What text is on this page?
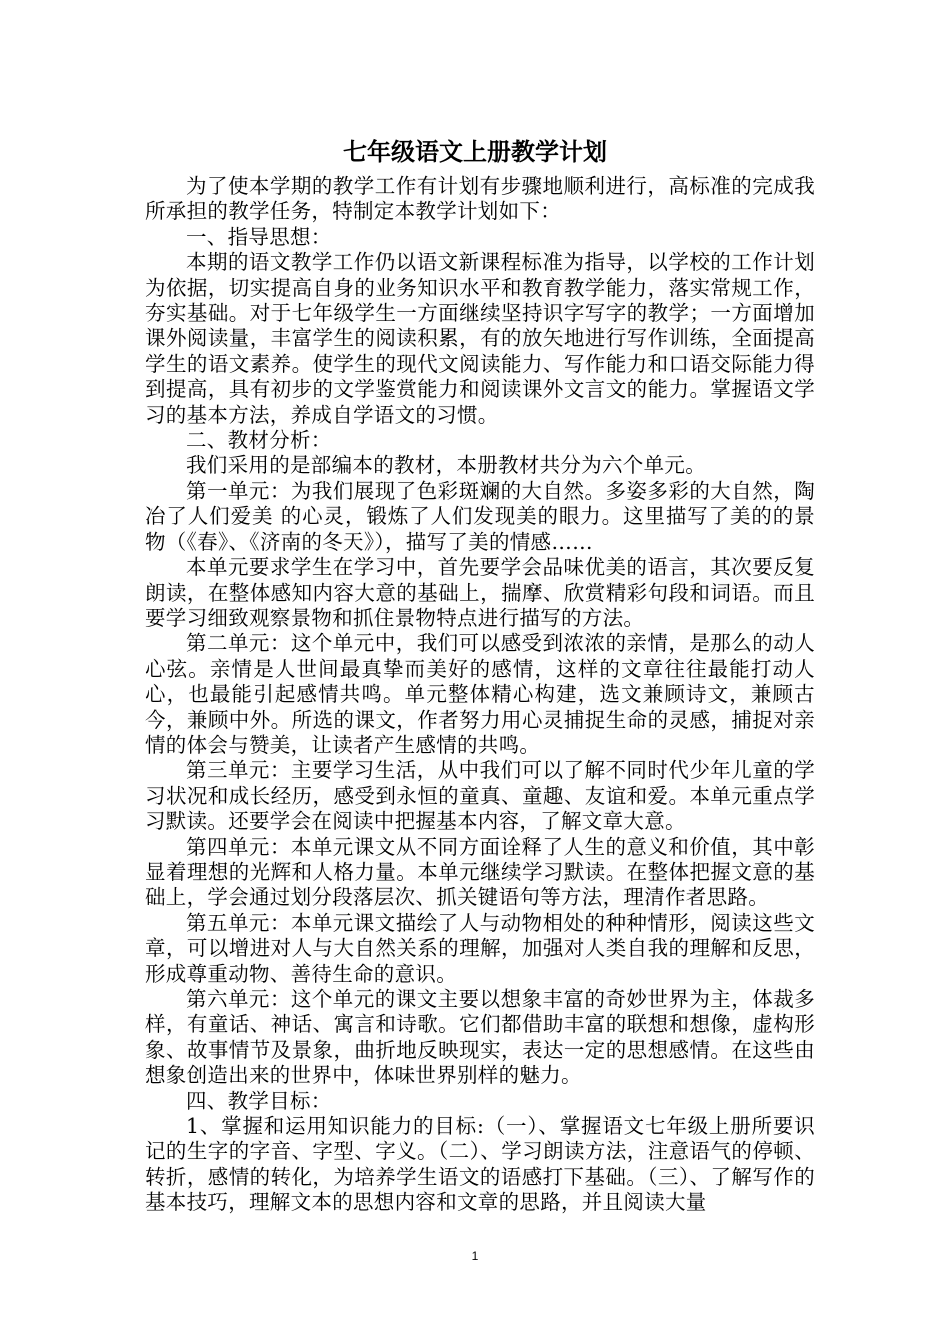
七年级语文上册教学计划

为了使本学期的教学工作有计划有步骤地顺利进行，高标准的完成我所承担的教学任务，特制定本教学计划如下：

一、指导思想：

本期的语文教学工作仍以语文新课程标准为指导，以学校的工作计划为依据，切实提高自身的业务知识水平和教育教学能力，落实常规工作，夯实基础。对于七年级学生一方面继续坚持识字写字的教学；一方面增加课外阅读量，丰富学生的阅读积累，有的放矢地进行写作训练，全面提高学生的语文素养。使学生的现代文阅读能力、写作能力和口语交际能力得到提高，具有初步的文学鉴赏能力和阅读课外文言文的能力。掌握语文学习的基本方法，养成自学语文的习惯。

二、教材分析：

我们采用的是部编本的教材，本册教材共分为六个单元。

第一单元：为我们展现了色彩斑斓的大自然。多姿多彩的大自然，陶冶了人们爱美 的心灵，锻炼了人们发现美的眼力。这里描写了美的的景物（《春》、《济南的冬天》），描写了美的情感……

本单元要求学生在学习中，首先要学会品味优美的语言，其次要反复朗读，在整体感知内容大意的基础上，揣摩、欣赏精彩句段和词语。而且要学习细致观察景物和抓住景物特点进行描写的方法。

第二单元：这个单元中，我们可以感受到浓浓的亲情，是那么的动人心弦。亲情是人世间最真挚而美好的感情，这样的文章往往最能打动人心，也最能引起感情共鸣。单元整体精心构建，选文兼顾诗文，兼顾古今，兼顾中外。所选的课文，作者努力用心灵捕捉生命的灵感，捕捉对亲情的体会与赞美，让读者产生感情的共鸣。

第三单元：主要学习生活，从中我们可以了解不同时代少年儿童的学习状况和成长经历，感受到永恒的童真、童趣、友谊和爱。本单元重点学习默读。还要学会在阅读中把握基本内容，了解文章大意。

第四单元：本单元课文从不同方面诠释了人生的意义和价值，其中彰显着理想的光辉和人格力量。本单元继续学习默读。在整体把握文意的基础上，学会通过划分段落层次、抓关键语句等方法，理清作者思路。

第五单元：本单元课文描绘了人与动物相处的种种情形，阅读这些文章，可以增进对人与大自然关系的理解，加强对人类自我的理解和反思，形成尊重动物、善待生命的意识。

第六单元：这个单元的课文主要以想象丰富的奇妙世界为主，体裁多样，有童话、神话、寓言和诗歌。它们都借助丰富的联想和想像，虚构形象、故事情节及景象，曲折地反映现实，表达一定的思想感情。在这些由想象创造出来的世界中，体味世界别样的魅力。

四、教学目标：

1、掌握和运用知识能力的目标:（一）、掌握语文七年级上册所要识记的生字的字音、字型、字义。（二）、学习朗读方法，注意语气的停顿、转折，感情的转化，为培养学生语文的语感打下基础。（三）、了解写作的基本技巧，理解文本的思想内容和文章的思路，并且阅读大量

1
